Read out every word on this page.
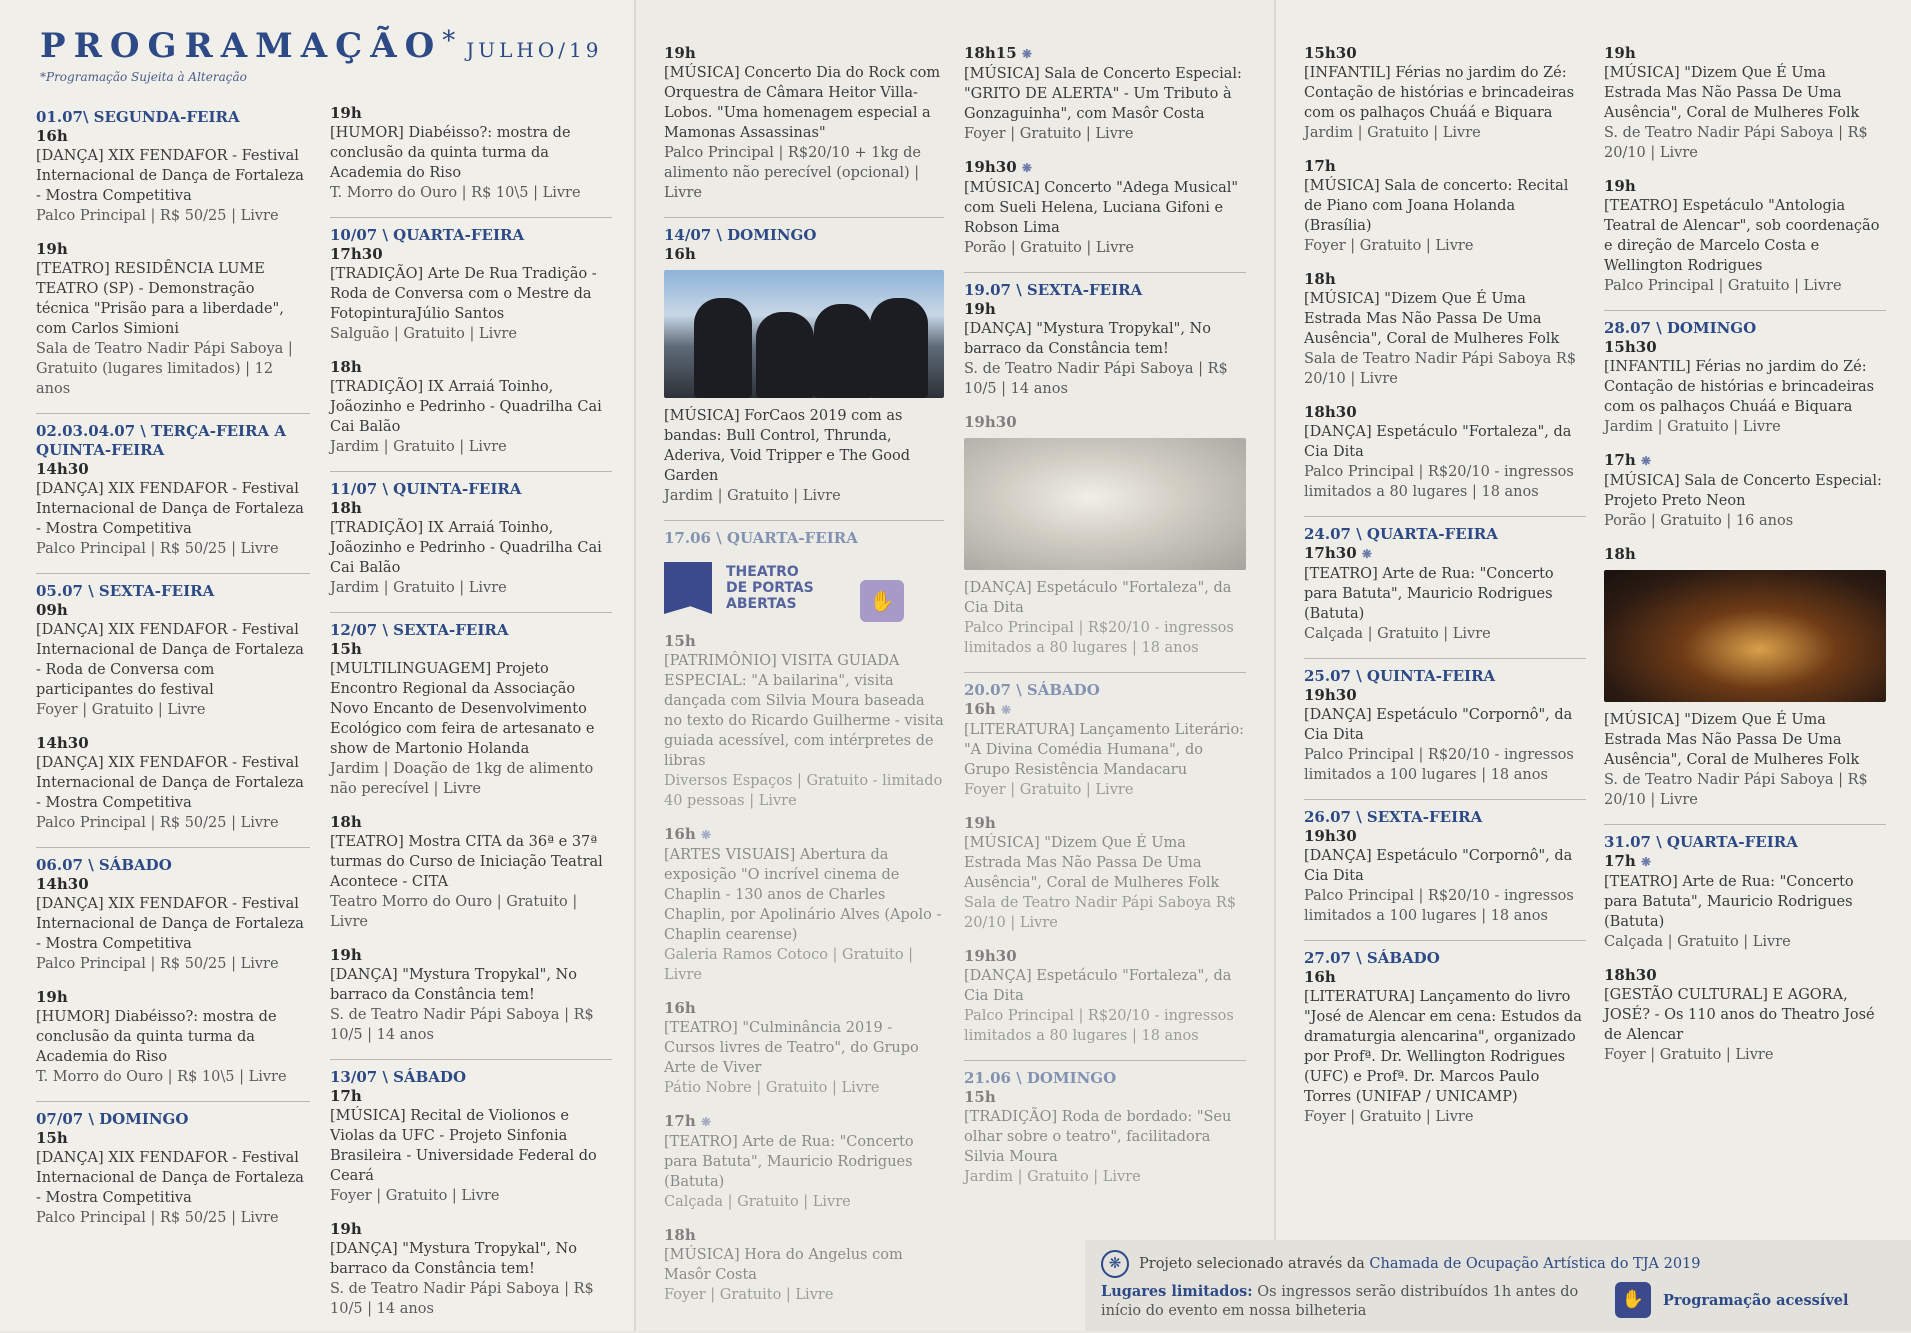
PROGRAMAÇÃO* JULHO/19
*Programação Sujeita à Alteração
01.07\ SEGUNDA-FEIRA
16h
[DANÇA] XIX FENDAFOR - Festival Internacional de Dança de Fortaleza - Mostra Competitiva
Palco Principal | R$ 50/25 | Livre
19h
[TEATRO] RESIDÊNCIA LUME TEATRO (SP) - Demonstração técnica "Prisão para a liberdade", com Carlos Simioni
Sala de Teatro Nadir Pápi Saboya | Gratuito (lugares limitados) | 12 anos
02.03.04.07 \ TERÇA-FEIRA A QUINTA-FEIRA
14h30
[DANÇA] XIX FENDAFOR - Festival Internacional de Dança de Fortaleza - Mostra Competitiva
Palco Principal | R$ 50/25 | Livre
05.07 \ SEXTA-FEIRA
09h
[DANÇA] XIX FENDAFOR - Festival Internacional de Dança de Fortaleza - Roda de Conversa com participantes do festival
Foyer | Gratuito | Livre
14h30
[DANÇA] XIX FENDAFOR - Festival Internacional de Dança de Fortaleza - Mostra Competitiva
Palco Principal | R$ 50/25 | Livre
06.07 \ SÁBADO
14h30
[DANÇA] XIX FENDAFOR - Festival Internacional de Dança de Fortaleza - Mostra Competitiva
Palco Principal | R$ 50/25 | Livre
19h
[HUMOR] Diabéisso?: mostra de conclusão da quinta turma da Academia do Riso
T. Morro do Ouro | R$ 10\5 | Livre
07/07 \ DOMINGO
15h
[DANÇA] XIX FENDAFOR - Festival Internacional de Dança de Fortaleza - Mostra Competitiva
Palco Principal | R$ 50/25 | Livre
19h
[HUMOR] Diabéisso?: mostra de conclusão da quinta turma da Academia do Riso
T. Morro do Ouro | R$ 10\5 | Livre
10/07 \ QUARTA-FEIRA
17h30
[TRADIÇÃO] Arte De Rua Tradição - Roda de Conversa com o Mestre da FotopinturaJúlio Santos
Salguão | Gratuito | Livre
18h
[TRADIÇÃO] IX Arraiá Toinho, Joãozinho e Pedrinho - Quadrilha Cai Cai Balão
Jardim | Gratuito | Livre
11/07 \ QUINTA-FEIRA
18h
[TRADIÇÃO] IX Arraiá Toinho, Joãozinho e Pedrinho - Quadrilha Cai Cai Balão
Jardim | Gratuito | Livre
12/07 \ SEXTA-FEIRA
15h
[MULTILINGUAGEM] Projeto Encontro Regional da Associação Novo Encanto de Desenvolvimento Ecológico com feira de artesanato e show de Martonio Holanda
Jardim | Doação de 1kg de alimento não perecível | Livre
18h
[TEATRO] Mostra CITA da 36ª e 37ª turmas do Curso de Iniciação Teatral Acontece - CITA
Teatro Morro do Ouro | Gratuito | Livre
19h
[DANÇA] "Mystura Tropykal", No barraco da Constância tem!
S. de Teatro Nadir Pápi Saboya | R$ 10/5 | 14 anos
13/07 \ SÁBADO
17h
[MÚSICA] Recital de Violionos e Violas da UFC - Projeto Sinfonia Brasileira - Universidade Federal do Ceará
Foyer | Gratuito | Livre
19h
[DANÇA] "Mystura Tropykal", No barraco da Constância tem!
S. de Teatro Nadir Pápi Saboya | R$ 10/5 | 14 anos
19h
[MÚSICA] Concerto Dia do Rock com Orquestra de Câmara Heitor Villa-Lobos. "Uma homenagem especial a Mamonas Assassinas"
Palco Principal | R$20/10 + 1kg de alimento não perecível (opcional) | Livre
14/07 \ DOMINGO
16h
[MÚSICA] ForCaos 2019 com as bandas: Bull Control, Thrunda, Aderiva, Void Tripper e The Good Garden
Jardim | Gratuito | Livre
17.06 \ QUARTA-FEIRA
THEATRO
DE PORTAS
ABERTAS	✋
15h
[PATRIMÔNIO] VISITA GUIADA ESPECIAL: "A bailarina", visita dançada com Silvia Moura baseada no texto do Ricardo Guilherme - visita guiada acessível, com intérpretes de libras
Diversos Espaços | Gratuito - limitado 40 pessoas | Livre
16h ❋
[ARTES VISUAIS] Abertura da exposição "O incrível cinema de Chaplin - 130 anos de Charles Chaplin, por Apolinário Alves (Apolo - Chaplin cearense)
Galeria Ramos Cotoco | Gratuito | Livre
16h
[TEATRO] "Culminância 2019 - Cursos livres de Teatro", do Grupo Arte de Viver
Pátio Nobre | Gratuito | Livre
17h ❋
[TEATRO] Arte de Rua: "Concerto para Batuta", Mauricio Rodrigues (Batuta)
Calçada | Gratuito | Livre
18h
[MÚSICA] Hora do Angelus com Masôr Costa
Foyer | Gratuito | Livre
18h15 ❋
[MÚSICA] Sala de Concerto Especial: "GRITO DE ALERTA" - Um Tributo à Gonzaguinha", com Masôr Costa
Foyer | Gratuito | Livre
19h30 ❋
[MÚSICA] Concerto "Adega Musical" com Sueli Helena, Luciana Gifoni e Robson Lima
Porão | Gratuito | Livre
19.07 \ SEXTA-FEIRA
19h
[DANÇA] "Mystura Tropykal", No barraco da Constância tem!
S. de Teatro Nadir Pápi Saboya | R$ 10/5 | 14 anos
19h30
[DANÇA] Espetáculo "Fortaleza", da Cia Dita
Palco Principal | R$20/10 - ingressos limitados a 80 lugares | 18 anos
20.07 \ SÁBADO
16h ❋
[LITERATURA] Lançamento Literário: "A Divina Comédia Humana", do Grupo Resistência Mandacaru
Foyer | Gratuito | Livre
19h
[MÚSICA] "Dizem Que É Uma Estrada Mas Não Passa De Uma Ausência", Coral de Mulheres Folk
Sala de Teatro Nadir Pápi Saboya R$ 20/10 | Livre
19h30
[DANÇA] Espetáculo "Fortaleza", da Cia Dita
Palco Principal | R$20/10 - ingressos limitados a 80 lugares | 18 anos
21.06 \ DOMINGO
15h
[TRADIÇÃO] Roda de bordado: "Seu olhar sobre o teatro", facilitadora Silvia Moura
Jardim | Gratuito | Livre
15h30
[INFANTIL] Férias no jardim do Zé: Contação de histórias e brincadeiras com os palhaços Chuáá e Biquara
Jardim | Gratuito | Livre
17h
[MÚSICA] Sala de concerto: Recital de Piano com Joana Holanda (Brasília)
Foyer | Gratuito | Livre
18h
[MÚSICA] "Dizem Que É Uma Estrada Mas Não Passa De Uma Ausência", Coral de Mulheres Folk
Sala de Teatro Nadir Pápi Saboya R$ 20/10 | Livre
18h30
[DANÇA] Espetáculo "Fortaleza", da Cia Dita
Palco Principal | R$20/10 - ingressos limitados a 80 lugares | 18 anos
24.07 \ QUARTA-FEIRA
17h30 ❋
[TEATRO] Arte de Rua: "Concerto para Batuta", Mauricio Rodrigues (Batuta)
Calçada | Gratuito | Livre
25.07 \ QUINTA-FEIRA
19h30
[DANÇA] Espetáculo "Corpornô", da Cia Dita
Palco Principal | R$20/10 - ingressos limitados a 100 lugares | 18 anos
26.07 \ SEXTA-FEIRA
19h30
[DANÇA] Espetáculo "Corpornô", da Cia Dita
Palco Principal | R$20/10 - ingressos limitados a 100 lugares | 18 anos
27.07 \ SÁBADO
16h
[LITERATURA] Lançamento do livro "José de Alencar em cena: Estudos da dramaturgia alencarina", organizado por Profª. Dr. Wellington Rodrigues (UFC) e Profª. Dr. Marcos Paulo Torres (UNIFAP / UNICAMP)
Foyer | Gratuito | Livre
19h
[MÚSICA] "Dizem Que É Uma Estrada Mas Não Passa De Uma Ausência", Coral de Mulheres Folk
S. de Teatro Nadir Pápi Saboya | R$ 20/10 | Livre
19h
[TEATRO] Espetáculo "Antologia Teatral de Alencar", sob coordenação e direção de Marcelo Costa e Wellington Rodrigues
Palco Principal | Gratuito | Livre
28.07 \ DOMINGO
15h30
[INFANTIL] Férias no jardim do Zé: Contação de histórias e brincadeiras com os palhaços Chuáá e Biquara
Jardim | Gratuito | Livre
17h ❋
[MÚSICA] Sala de Concerto Especial: Projeto Preto Neon
Porão | Gratuito | 16 anos
18h
[MÚSICA] "Dizem Que É Uma Estrada Mas Não Passa De Uma Ausência", Coral de Mulheres Folk
S. de Teatro Nadir Pápi Saboya | R$ 20/10 | Livre
31.07 \ QUARTA-FEIRA
17h ❋
[TEATRO] Arte de Rua: "Concerto para Batuta", Mauricio Rodrigues (Batuta)
Calçada | Gratuito | Livre
18h30
[GESTÃO CULTURAL] E AGORA, JOSÉ? - Os 110 anos do Theatro José de Alencar
Foyer | Gratuito | Livre
❋ Projeto selecionado através da Chamada de Ocupação Artística do TJA 2019
Lugares limitados: Os ingressos serão distribuídos 1h antes do início do evento em nossa bilheteria
✋	Programação acessível
